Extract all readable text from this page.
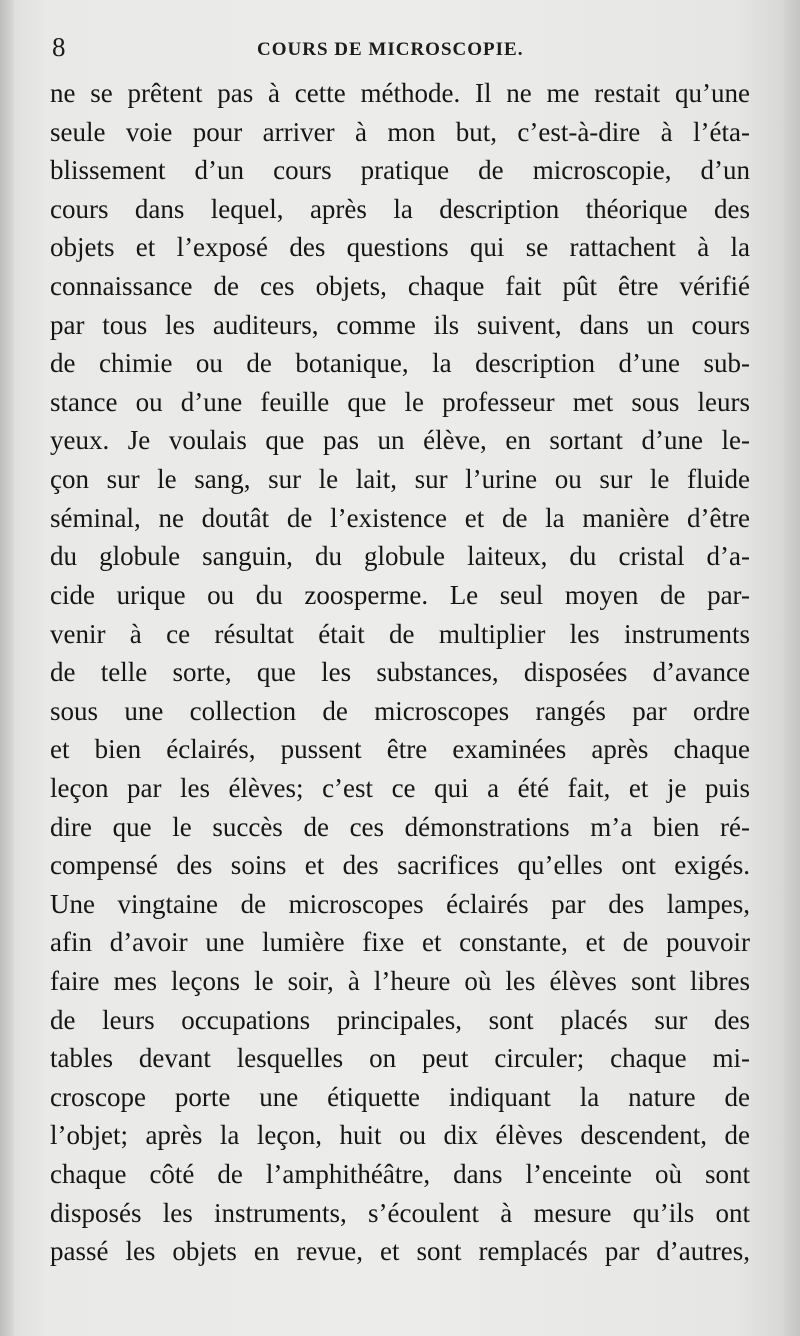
8	COURS DE MICROSCOPIE.
ne se prêtent pas à cette méthode. Il ne me restait qu’une
seule voie pour arriver à mon but, c’est-à-dire à l’éta-
blissement d’un cours pratique de microscopie, d’un
cours dans lequel, après la description théorique des
objets et l’exposé des questions qui se rattachent à la
connaissance de ces objets, chaque fait pût être vérifié
par tous les auditeurs, comme ils suivent, dans un cours
de chimie ou de botanique, la description d’une sub-
stance ou d’une feuille que le professeur met sous leurs
yeux. Je voulais que pas un élève, en sortant d’une le-
çon sur le sang, sur le lait, sur l’urine ou sur le fluide
séminal, ne doutât de l’existence et de la manière d’être
du globule sanguin, du globule laiteux, du cristal d’a-
cide urique ou du zoosperme. Le seul moyen de par-
venir à ce résultat était de multiplier les instruments
de telle sorte, que les substances, disposées d’avance
sous une collection de microscopes rangés par ordre
et bien éclairés, pussent être examinées après chaque
leçon par les élèves; c’est ce qui a été fait, et je puis
dire que le succès de ces démonstrations m’a bien ré-
compensé des soins et des sacrifices qu’elles ont exigés.
Une vingtaine de microscopes éclairés par des lampes,
afin d’avoir une lumière fixe et constante, et de pouvoir
faire mes leçons le soir, à l’heure où les élèves sont libres
de leurs occupations principales, sont placés sur des
tables devant lesquelles on peut circuler; chaque mi-
croscope porte une étiquette indiquant la nature de
l’objet; après la leçon, huit ou dix élèves descendent, de
chaque côté de l’amphithéâtre, dans l’enceinte où sont
disposés les instruments, s’écoulent à mesure qu’ils ont
passé les objets en revue, et sont remplacés par d’autres,
